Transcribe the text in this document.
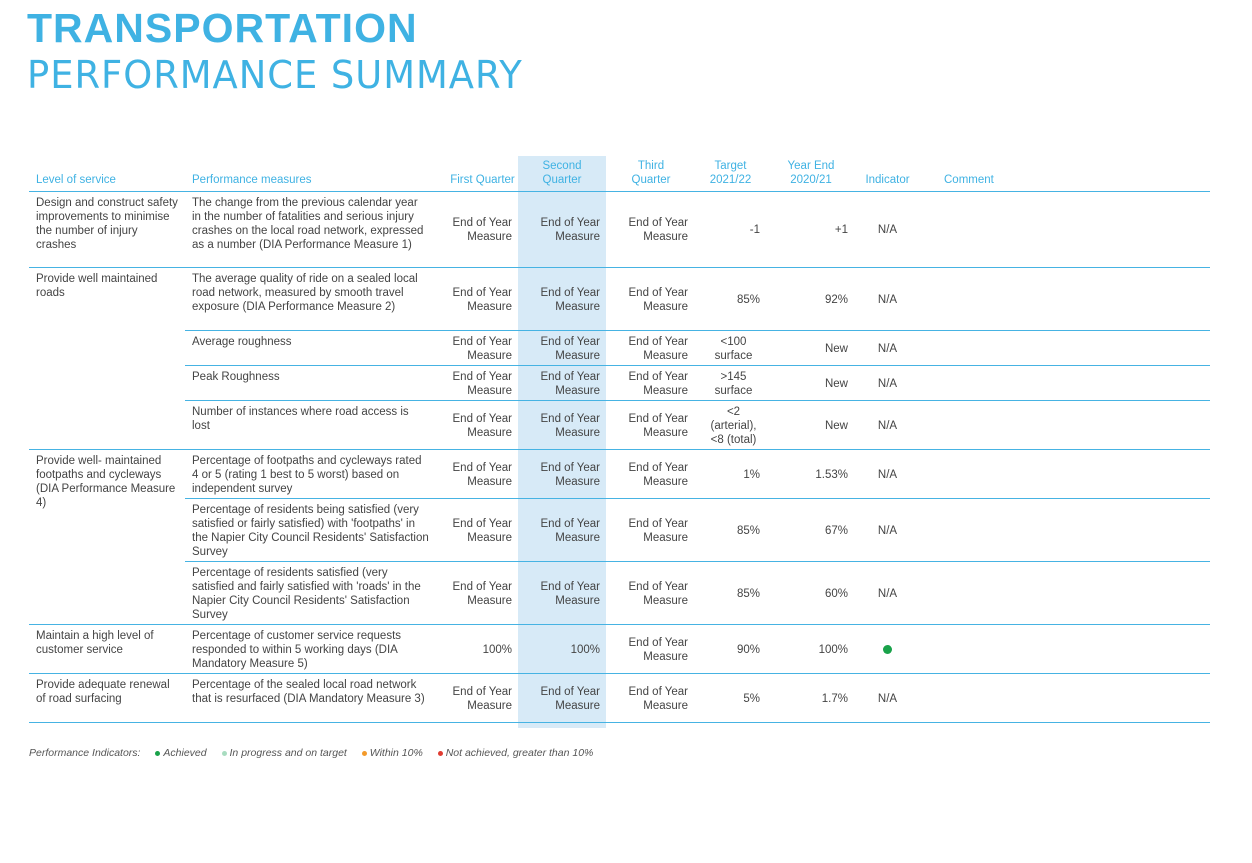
TRANSPORTATION
PERFORMANCE SUMMARY
Level of service	Performance measures	First Quarter	Second Quarter	Third Quarter	Target 2021/22	Year End 2020/21	Indicator	Comment
Design and construct safety improvements to minimise the number of injury crashes	The change from the previous calendar year in the number of fatalities and serious injury crashes on the local road network, expressed as a number (DIA Performance Measure 1)	End of Year Measure	End of Year Measure	End of Year Measure	-1	+1	N/A	
Provide well maintained roads	The average quality of ride on a sealed local road network, measured by smooth travel exposure (DIA Performance Measure 2)	End of Year Measure	End of Year Measure	End of Year Measure	85%	92%	N/A	
	Average roughness	End of Year Measure	End of Year Measure	End of Year Measure	<100 surface	New	N/A	
	Peak Roughness	End of Year Measure	End of Year Measure	End of Year Measure	>145 surface	New	N/A	
	Number of instances where road access is lost	End of Year Measure	End of Year Measure	End of Year Measure	<2 (arterial), <8 (total)	New	N/A	
Provide well- maintained footpaths and cycleways (DIA Performance Measure 4)	Percentage of footpaths and cycleways rated 4 or 5 (rating 1 best to 5 worst) based on independent survey	End of Year Measure	End of Year Measure	End of Year Measure	1%	1.53%	N/A	
	Percentage of residents being satisfied (very satisfied or fairly satisfied) with 'footpaths' in the Napier City Council Residents' Satisfaction Survey	End of Year Measure	End of Year Measure	End of Year Measure	85%	67%	N/A	
	Percentage of residents satisfied (very satisfied and fairly satisfied with 'roads' in the Napier City Council Residents' Satisfaction Survey	End of Year Measure	End of Year Measure	End of Year Measure	85%	60%	N/A	
Maintain a high level of customer service	Percentage of customer service requests responded to within 5 working days (DIA Mandatory Measure 5)	100%	100%	End of Year Measure	90%	100%		
Provide adequate renewal of road surfacing	Percentage of the sealed local road network that is resurfaced (DIA Mandatory Measure 3)	End of Year Measure	End of Year Measure	End of Year Measure	5%	1.7%	N/A	
Performance Indicators: Achieved In progress and on target Within 10% Not achieved, greater than 10%
